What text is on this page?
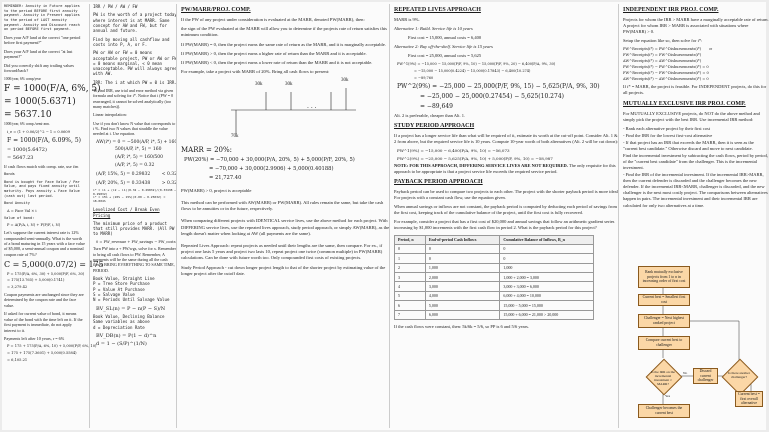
REMINDER: Annuity in Future applies to the period BEFORE first annuity payment. Annuity in Present applies to the period of LAST annuity payment. Annuity and Discount reach on period BEFORE first payment.
Does your A/F land at the correct "one period before first payment?"
Does your A/F land at the correct "at last payment?"
Did you correctly shift any trailing values forward/back?
1000/year, 6% comp/year
F = 1000(F/A, 6%, 5)
= 1000(5.6371)
= 5637.10
1000/year, 6% comp./semi-ann.
i_e = (1 + 0.06/2)^2 − 1 = 0.0609
F = 1000(F/A, 6.09%, 5)
= 1000(5.6472)
= 5647.23
If cash flows match with comp. rate, use i/m
Bonds
Bond is bought for Face Value / Par Value, and pays fixed annuity until maturity. Pays annuity + Face Value (cash out) last period.
Bond Annuity
A = Face Val × i
Value of bond:
P = A(P/A, i, N) + F(P/F, i, N)
Let's suppose the current interest rate is 12% compounded semi-annually. What is the worth of a bond maturing in 15 years with a face value of $5,000, a semi-annual coupon and a nominal coupon rate of 7%?
C = 5,000(0.07/2) = 175
P = 175(P/A, 6%, 30) + 5,000(P/F, 6%, 30)
= 175(13.765) + 5,000(0.1741)
= 3,279.42
Coupon payments are unchanged since they are determined by the coupon rate and the face value.
If asked for current value of bond, it means value of the bond with the time left on it. If the first payment is immediate, do not apply interest to it.
Payments left after 10 years, r = 6%
P = 175 + 175(P/A, 6%, 10) + 5,000(P/F, 6%, 10)
= 175 + 175(7.3601) + 5,000(0.5584)
= 6,105.21
IRR / PW / AW / FW
PW is the worth of a project today where interest is at MARR. Same concept for AW and FW, but for annual and future.
Find by moving all cashflow and costs into P, A, or F.
PW or AW or FW = 0 means acceptable project, PW or AW or FW = 0 means marginal, < 0 mean unacceptable. PW will always agree with AW.
IRR: The i at which PW = 0 is IRR.
To find IRR, use trial and error method via given formula and solving for i*. Notice that i (PW = 0 rearranged, it cannot be solved analytically (too many matches)).
Linear interpolation:
Use if you don't know N value that corresponds to i %. Find two N values that straddle the value needed at i. Use equation.
AW(i*) = 0 = −500(A/P, i*, 5) + 160
500(A/P, i*, 5) = 160
(A/P, i*, 5) = 160/500
(A/P, i*, 5) = 0.32
(A/P, 15%, 5) = 0.29832	< 0.32
(A/P, 20%, 5) = 0.33438	> 0.32
i* = i1 + (i2 − i1)(0.32 − 0.29832)/(0.33438 − 0.29832)
i* = 15% + (20% − 15%)(0.00 − 0.25032) = 18.004%
Levelized Cost / Break Even Pricing
The minimum price of a product that still provides MARR. (All PW to MARR)
0 = PW_revenue + PW_savings − PW_costs
Turn PW into a + PW/wgs, solve for x. Remember to bring all cash flows to PW. Remember, A payments will be the same during all the cash flows. BRING EVERYTHING TO SAME TIME, PERIOD.
Book Value, Straight Line
P = Tree Store Purchase
P = Value At Purchase
S = Salvage Value
N = Periods Until Salvage Value
BV_SL(n) = P − n(P − S)/N
Book Value, Declining Balance
Same variables as above
d = Depreciation Rate
BV_DB(n) = P(1 − d)^n
d = 1 − (S/P)^(1/N)
PW/MARR/PROJ. COMP.
If the PW of any project under consideration is evaluated at the MARR, denoted PW(MARR), then:
the sign of the PW evaluated at the MARR will allow you to determine if the projects rate of return satisfies this minimum condition.
If PW(MARR) = 0, then the project earns the same rate of return as the MARR, and it is marginally acceptable.
If PW(MARR) > 0, then the project earns a higher rate of return than the MARR and it is acceptable.
If PW(MARR) < 0, then the project earns a lower rate of return than the MARR and it is not acceptable.
For example, take a project with MARR of 20%. Bring all cash flows to present:
. . .
30k	30k
30k
70k
MARR = 20%:
PW(20%) = −70,000 + 30,000(P/A, 20%, 5) + 5,000(P/F, 20%, 5)
= −70,000 + 30,000(2.9906) + 5,000(0.40188)
= 21,727.40
PW(MARR) > 0, project is acceptable
This method can be performed with AW(MARR) or FW(MARR). All rules remain the same, but take the cash flows to be annuities or in the future, respectively.
When comparing different projects with IDENTICAL service lives, use the above method for each project. With DIFFERING service lives, use the repeated lives approach, study period approach, or simply AW(MARR), as the length doesn't matter when looking at AW (all payments are the same).
Repeated Lives Approach: repeat projects as needed until their lengths are the same, then compare. For ex., if project one lasts 5 years and project two lasts 10, repeat project one twice (common multiple) in PW(MARR) calculations. Can be done with future worth too. Only compounded first costs of existing projects.
Study Period Approach - cut down longer project length to that of the shorter project by estimating value of the longer project after the cutoff date.
REPEATED LIVES APPROACH
MARR is 9%.
Alternative 1: Build. Service life is 10 years
First cost = 15,000, annual costs = 6,400
Alternative 2: Buy off-the-shelf. Service life is 15 years
First cost = 25,000, annual costs = 5,625
PW^1(9%) = −15,000 − 15,000(P/F, 9%, 10) − 15,000(P/F, 9%, 20) − 6,400(P/A, 9%, 30)
= −15,000 − 15,000(0.4224) − 15,000(0.17843) − 6,400(10.274)
= −89,760
PW^2(9%) = −25,000 − 25,000(P/F, 9%, 15) − 5,625(P/A, 9%, 30)
= −25,000 − 25,000(0.27454) − 5,625(10.274)
= −89,649
Alt. 2 is preferable, cheaper than Alt. 1.
STUDY PERIOD APPROACH
If a project has a longer service life than what will be required of it, estimate its worth at the cut-off point. Consider Alt. 1 & 2 from above, but the required service life is 10 years. Compute 10-year worth of both alternatives (Alt. 2 will be cut down):
PW^1(9%) = −15,000 − 6,400(P/A, 9%, 10) = −56,073
PW^2(9%) = −25,000 − 5,625(P/A, 9%, 10) + 5,000(P/F, 9%, 10) = −58,987
NOTE: FOR THIS APPROACH, DIFFERING SERVICE LIVES ARE NOT REQUIRED. The only requisite for this approach to be appropriate is that a project service life exceeds the required service period.
PAYBACK PERIOD APPROACH
Payback period can be used to compare two projects to each other. The project with the shorter payback period is more ideal. For projects with a constant cash flow, use the equation given.
When annual savings or inflows are not constant, the payback period is computed by deducting each period of savings from the first cost, keeping track of the cumulative balance of the project, until the first cost is fully recovered.
For example, consider a project that has a first cost of $20,000 and annual savings that follow an arithmetic gradient series increasing by $1,000 increments with the first cash flow in period 2. What is the payback period for this project?
Period, n	End-of-period Cash Inflows	Cumulative Balance of Inflows, B_n
0	0	0
1	0	0
2	1,000	1,000
3	2,000	1,000 + 2,000 = 3,000
4	3,000	3,000 + 3,000 = 6,000
5	4,000	6,000 + 4,000 = 10,000
6	5,000	15,000 − 5,000 = 15,000
7	6,000	15,000 + 6,000 = 21,000 > 20,000
If the cash flows were constant, then: 5k/6k = 5/6, so PP is 6 and 5/6 years.
INDEPENDENT IRR PROJ. COMP.
Projects for whom the IRR > MARR have a marginally acceptable rate of return. A project for whom IRR > MARR is associated with situations where PW(MARR) > 0.
Setup the equation like so, then solve for i*:
PW^Receipts(i*) = PW^Disbursements(i*) or
FW^Receipts(i*) = FW^Disbursements(i*)
AW^Receipts(i*) = AW^Disbursements(i*)
PW^Receipts(i*) − PW^Disbursements(i*) = 0
FW^Receipts(i*) − FW^Disbursements(i*) = 0
AW^Receipts(i*) − AW^Disbursements(i*) = 0
If i* = MARR, the project is feasible. For INDEPENDENT projects, do this for all projects.
MUTUALLY EXCLUSIVE IRR PROJ. COMP.
For MUTUALLY EXCLUSIVE projects, do NOT do the above method and simply pick the project with the best IRR. Use incremental IRR method:
- Rank each alternative project by their first cost
- Find the IRR for the lowest first-cost alternative
- If that project has an IRR that exceeds the MARR, then it is seen as the "current best candidate." Otherwise discard and move to next candidate.
Find the incremental investment by subtracting the cash flows, period by period, of the "current best candidate" from the challenger. This is the incremental investment.
- Find the IRR of the incremental investment. If the incremental IRR>MARR, then the current defender is discarded and the challenger becomes the new defender. If the incremental IRR<MARR, challenger is discarded, and the new challenger is the next most costly project. The comparisons between alternatives happen in pairs. The incremental investment and their incremental IRR are calculated for only two alternatives at a time.
Rank mutually exclusive projects from 1 to n in increasing order of first cost
Current best = Smallest first cost
Challenger = Next highest ranked project
Compare current best to challenger
Is the IRR on the incremental investment ≥ MARR?
Discard current challenger
Is there another challenger?
Current best = first overall alternative
Challenger becomes the current best
Yes
No
